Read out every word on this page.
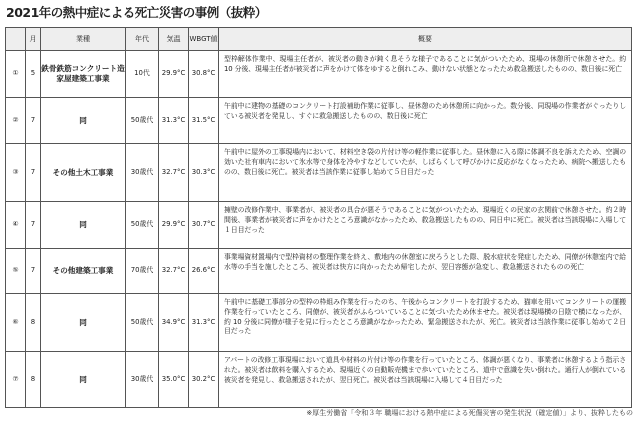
2021年の熱中症による死亡災害の事例（抜粋）
	月	業種	年代	気温	WBGT値	概要
①	5	鉄骨鉄筋コンクリート造家屋建築工事業	10代	29.9°C	30.8°C	型枠解体作業中、現場主任者が、被災者の動きが鈍く息そうな様子であることに気がついたため、現場の休憩所で休憩させた。約 10 分後、現場主任者が被災者に声をかけて体をゆすると倒れこみ、動けない状態となったため救急搬送したものの、数日後に死亡
②	7	同	50歳代	31.3°C	31.5°C	午前中に建物の基礎のコンクリート打設補助作業に従事し、昼休憩のため休憩所に向かった。数分後、同現場の作業者がぐったりしている被災者を発見し、すぐに救急搬送したものの、数日後に死亡
③	7	その他土木工事業	30歳代	32.7°C	30.3°C	午前中に屋外の工事現場内において、材料空き袋の片付け等の軽作業に従事した。昼休憩に入る際に体調不良を訴えたため、空調の効いた社有車内において氷水等で身体を冷やすなどしていたが、しばらくして呼びかけに反応がなくなったため、病院へ搬送したものの、数日後に死亡。被災者は当該作業に従事し始めて５日目だった
④	7	同	50歳代	29.9°C	30.7°C	擁壁の改修作業中、事業者が、被災者の具合が悪そうであることに気がついたため、現場近くの民家の玄関前で休憩させた。約２時間後、事業者が被災者に声をかけたところ意識がなかったため、救急搬送したものの、同日中に死亡。被災者は当該現場に入場して１日目だった
⑤	7	その他建築工事業	70歳代	32.7°C	26.6°C	事業場資材置場内で型枠資材の整理作業を終え、敷地内の休憩室に戻ろうとした際、脱水症状を発症したため、同僚が休憩室内で給水等の手当を施したところ、被災者は快方に向かったため帰宅したが、翌日容態が急変し、救急搬送されたものの死亡
⑥	8	同	50歳代	34.9°C	31.3°C	午前中に基礎工事部分の型枠の枠組み作業を行ったのち、午後からコンクリートを打設するため、猫車を用いてコンクリートの運搬作業を行っていたところ、同僚が、被災者がふらついていることに気づいたため休ませた。被災者は現場横の日陰で横になったが、約 10 分後に同僚が様子を見に行ったところ意識がなかったため、緊急搬送されたが、死亡。被災者は当該作業に従事し始めて２日目だった
⑦	8	同	30歳代	35.0°C	30.2°C	アパートの改修工事現場において道具や材料の片付け等の作業を行っていたところ、体調が悪くなり、事業者に休憩するよう指示された。被災者は飲料を購入するため、現場近くの自動販売機まで歩いていたところ、道中で意識を失い倒れた。通行人が倒れている被災者を発見し、救急搬送されたが、翌日死亡。被災者は当該現場に入場して４日目だった
※厚生労働省「令和３年 職場における熱中症による死傷災害の発生状況（確定値）」より、抜粋したもの
